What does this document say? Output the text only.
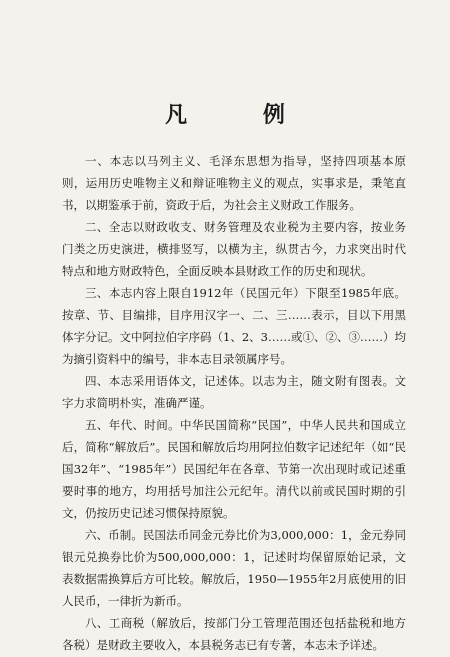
凡 例

一、本志以马列主义、毛泽东思想为指导，坚持四项基本原则，运用历史唯物主义和辩证唯物主义的观点，实事求是，秉笔直书，以期鉴承于前，资政于后，为社会主义财政工作服务。

二、全志以财政收支、财务管理及农业税为主要内容，按业务门类之历史演进，横排竖写，以横为主，纵贯古今，力求突出时代特点和地方财政特色，全面反映本县财政工作的历史和现状。

三、本志内容上限自1912年（民国元年）下限至1985年底。按章、节、目编排，目序用汉字一、二、三……表示，目以下用黑体字分记。文中阿拉伯字序码（1、2、3……或①、②、③……）均为摘引资料中的编号，非本志目录领属序号。

四、本志采用语体文，记述体。以志为主，随文附有图表。文字力求简明朴实，准确严谨。

五、年代、时间。中华民国简称“民国”，中华人民共和国成立后，简称“解放后”。民国和解放后均用阿拉伯数字记述纪年（如“民国32年”、“1985年”）民国纪年在各章、节第一次出现时或记述重要时事的地方，均用括号加注公元纪年。清代以前或民国时期的引文，仍按历史记述习惯保持原貌。

六、币制。民国法币同金元券比价为3,000,000：1，金元券同银元兑换券比价为500,000,000：1，记述时均保留原始记录，文表数据需换算后方可比较。解放后，1950—1955年2月底使用的旧人民币，一律折为新币。

八、工商税（解放后，按部门分工管理范围还包括盐税和地方各税）是财政主要收入，本县税务志已有专著，本志未予详述。
